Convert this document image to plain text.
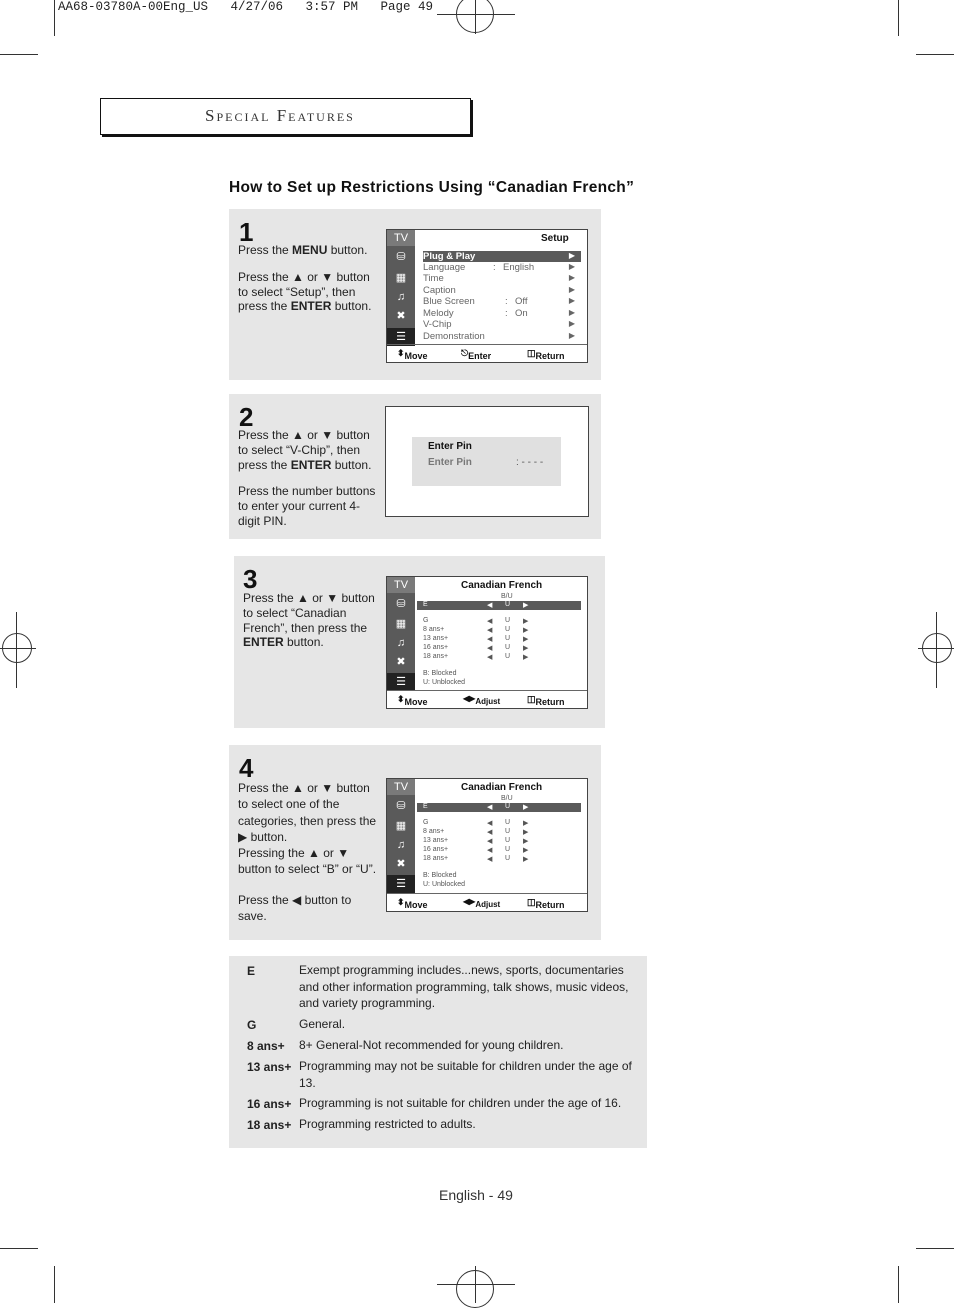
AA68-03780A-00Eng_US   4/27/06   3:57 PM   Page 49
Special Features
How to Set up Restrictions Using “Canadian French”
1

Press the MENU button.

Press the ▲ or ▼ button to select “Setup”, then press the ENTER button.

TV
⛁
▦
♫
✖
☰
Setup
Plug & Play	▶
Language	: English	▶
Time	▶
Caption	▶
Blue Screen	: Off	▶
Melody	: On	▶
V-Chip	▶
Demonstration	▶
⬍ Move	⎋ Enter	◫ Return
2

Press the ▲ or ▼ button to select “V-Chip”, then press the ENTER button.

Press the number buttons to enter your current 4-digit PIN.

Enter Pin
Enter Pin	: - - - -
3

Press the ▲ or ▼ button to select “Canadian French”, then press the ENTER button.

TV
⛁
▦
♫
✖
☰
Canadian French
B/U
E	◀ U ▶
G	◀ U ▶
8 ans+	◀ U ▶
13 ans+	◀ U ▶
16 ans+	◀ U ▶
18 ans+	◀ U ▶
B: Blocked
U: Unblocked
⬍ Move	◀▶ Adjust	◫ Return
4

Press the ▲ or ▼ button to select one of the categories, then press the ▶ button.

Pressing the ▲ or ▼ button to select “B” or “U”.

Press the ◀ button to save.

TV
⛁
▦
♫
✖
☰
Canadian French
B/U
E	◀ U ▶
G	◀ U ▶
8 ans+	◀ U ▶
13 ans+	◀ U ▶
16 ans+	◀ U ▶
18 ans+	◀ U ▶
B: Blocked
U: Unblocked
⬍ Move	◀▶ Adjust	◫ Return
E	Exempt programming includes...news, sports, documentaries and other information programming, talk shows, music videos, and variety programming.
G	General.
8 ans+ 8+ General-Not recommended for young children.
13 ans+ Programming may not be suitable for children under the age of 13.
16 ans+ Programming is not suitable for children under the age of 16.
18 ans+ Programming restricted to adults.
English - 49
